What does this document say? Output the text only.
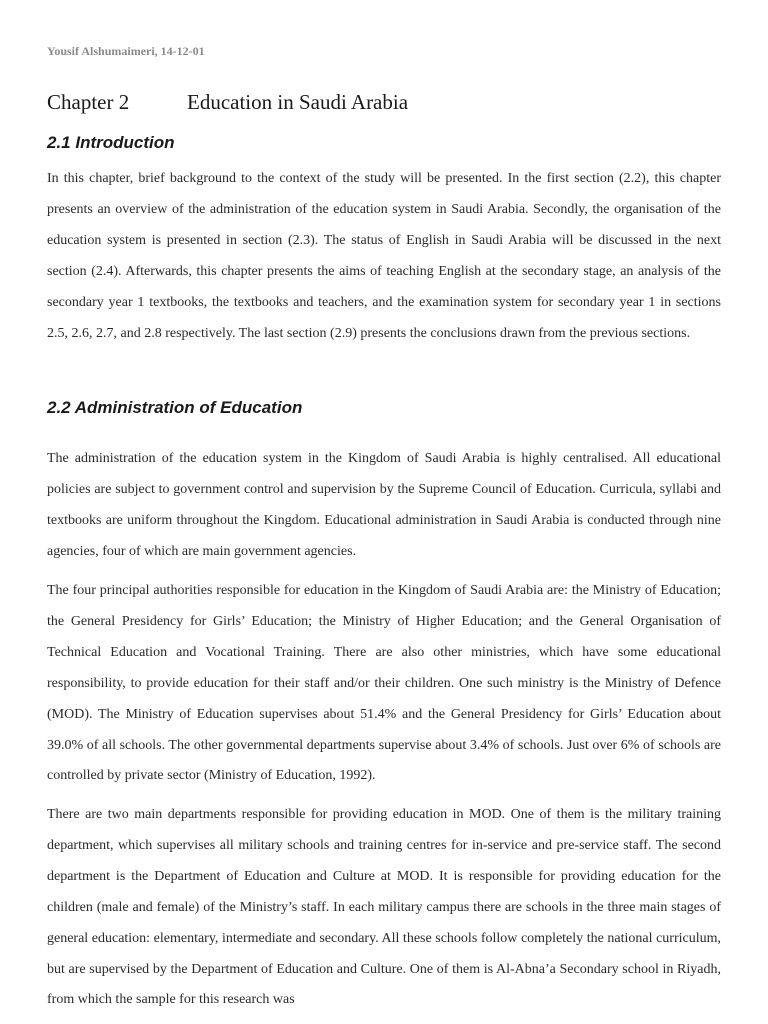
Yousif Alshumaimeri, 14-12-01
Chapter 2	Education in Saudi Arabia
2.1 Introduction

In this chapter, brief background to the context of the study will be presented. In the first section (2.2), this chapter presents an overview of the administration of the education system in Saudi Arabia. Secondly, the organisation of the education system is presented in section (2.3). The status of English in Saudi Arabia will be discussed in the next section (2.4). Afterwards, this chapter presents the aims of teaching English at the secondary stage, an analysis of the secondary year 1 textbooks, the textbooks and teachers, and the examination system for secondary year 1 in sections 2.5, 2.6, 2.7, and 2.8 respectively. The last section (2.9) presents the conclusions drawn from the previous sections.

2.2 Administration of Education

The administration of the education system in the Kingdom of Saudi Arabia is highly centralised. All educational policies are subject to government control and supervision by the Supreme Council of Education. Curricula, syllabi and textbooks are uniform throughout the Kingdom. Educational administration in Saudi Arabia is conducted through nine agencies, four of which are main government agencies.

The four principal authorities responsible for education in the Kingdom of Saudi Arabia are: the Ministry of Education; the General Presidency for Girls’ Education; the Ministry of Higher Education; and the General Organisation of Technical Education and Vocational Training. There are also other ministries, which have some educational responsibility, to provide education for their staff and/or their children. One such ministry is the Ministry of Defence (MOD). The Ministry of Education supervises about 51.4% and the General Presidency for Girls’ Education about 39.0% of all schools. The other governmental departments supervise about 3.4% of schools. Just over 6% of schools are controlled by private sector (Ministry of Education, 1992).

There are two main departments responsible for providing education in MOD. One of them is the military training department, which supervises all military schools and training centres for in-service and pre-service staff. The second department is the Department of Education and Culture at MOD. It is responsible for providing education for the children (male and female) of the Ministry’s staff. In each military campus there are schools in the three main stages of general education: elementary, intermediate and secondary. All these schools follow completely the national curriculum, but are supervised by the Department of Education and Culture. One of them is Al-Abna’a Secondary school in Riyadh, from which the sample for this research was
